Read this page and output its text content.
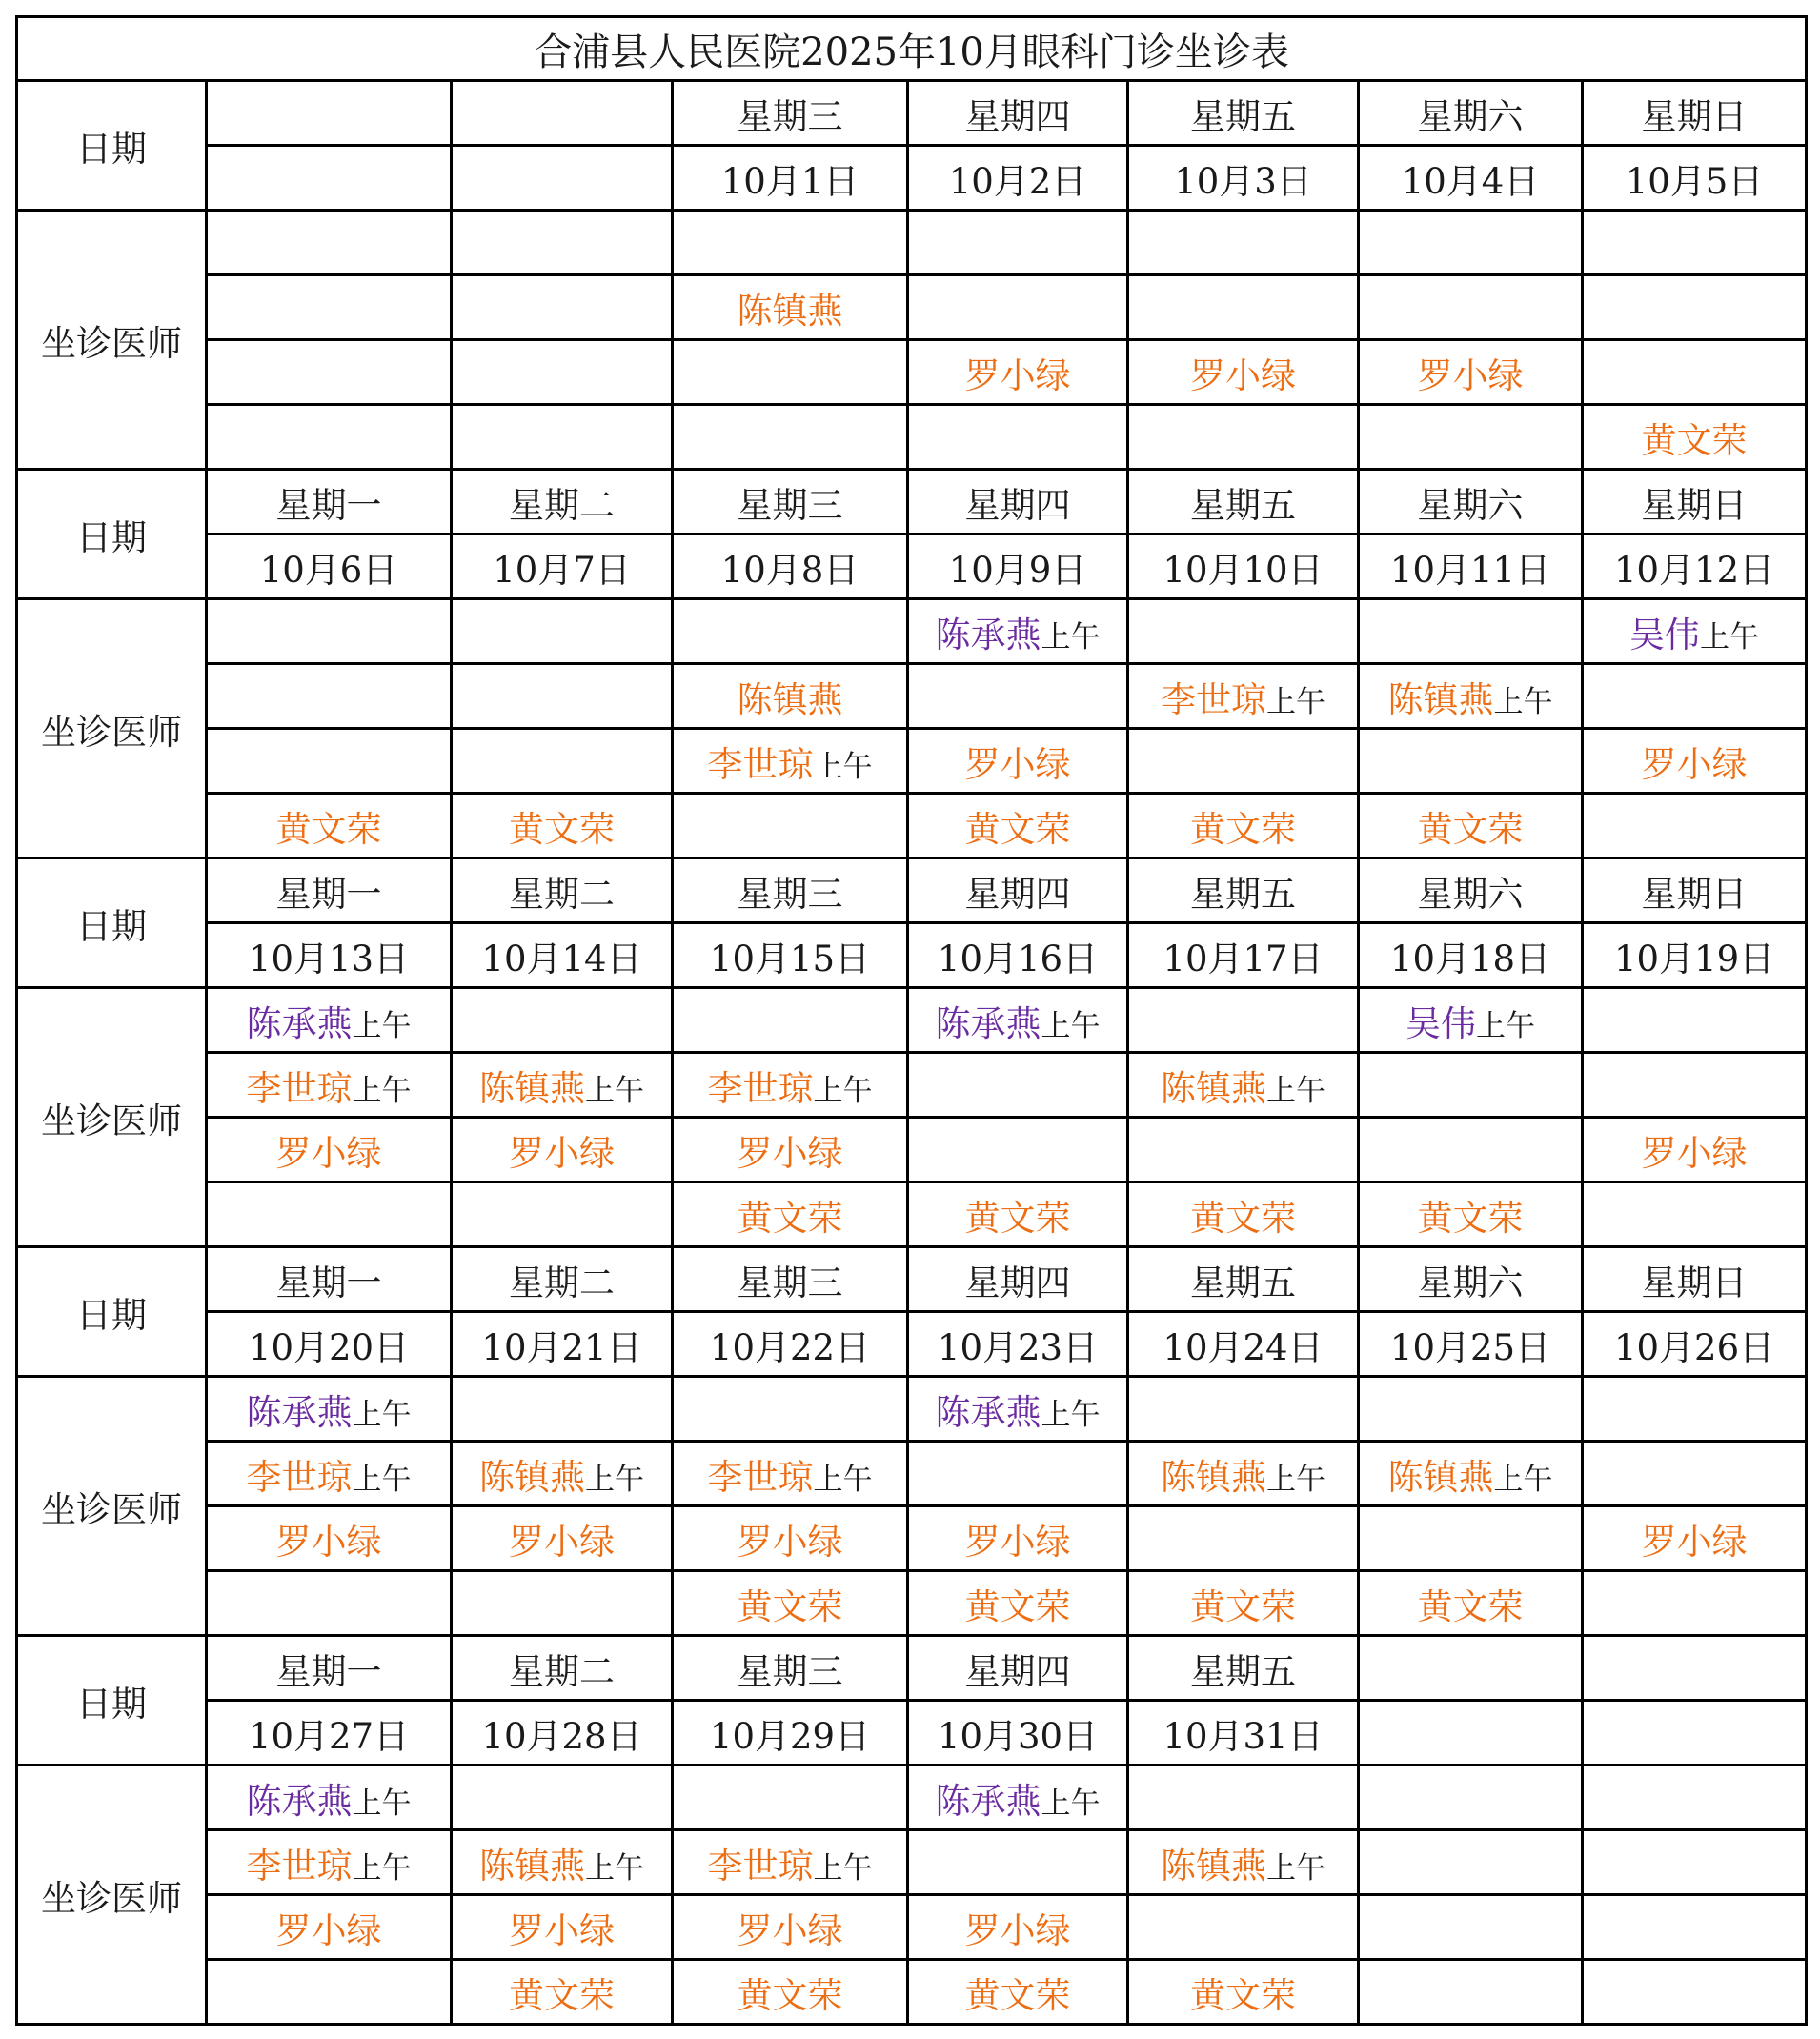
合浦县人民医院2025年10月眼科门诊坐诊表							
日期			星期三	星期四	星期五	星期六	星期日
			10月1日	10月2日	10月3日	10月4日	10月5日
坐诊医师							
			陈镇燕				
				罗小绿	罗小绿	罗小绿	
							黄文荣
日期	星期一	星期二	星期三	星期四	星期五	星期六	星期日
	10月6日	10月7日	10月8日	10月9日	10月10日	10月11日	10月12日
坐诊医师				陈承燕上午			吴伟上午
			陈镇燕		李世琼上午	陈镇燕上午	
			李世琼上午	罗小绿			罗小绿
	黄文荣	黄文荣		黄文荣	黄文荣	黄文荣	
日期	星期一	星期二	星期三	星期四	星期五	星期六	星期日
	10月13日	10月14日	10月15日	10月16日	10月17日	10月18日	10月19日
坐诊医师	陈承燕上午			陈承燕上午		吴伟上午	
	李世琼上午	陈镇燕上午	李世琼上午		陈镇燕上午		
	罗小绿	罗小绿	罗小绿				罗小绿
			黄文荣	黄文荣	黄文荣	黄文荣	
日期	星期一	星期二	星期三	星期四	星期五	星期六	星期日
	10月20日	10月21日	10月22日	10月23日	10月24日	10月25日	10月26日
坐诊医师	陈承燕上午			陈承燕上午			
	李世琼上午	陈镇燕上午	李世琼上午		陈镇燕上午	陈镇燕上午	
	罗小绿	罗小绿	罗小绿	罗小绿			罗小绿
			黄文荣	黄文荣	黄文荣	黄文荣	
日期	星期一	星期二	星期三	星期四	星期五		
	10月27日	10月28日	10月29日	10月30日	10月31日		
坐诊医师	陈承燕上午			陈承燕上午			
	李世琼上午	陈镇燕上午	李世琼上午		陈镇燕上午		
	罗小绿	罗小绿	罗小绿	罗小绿			
		黄文荣	黄文荣	黄文荣	黄文荣		
